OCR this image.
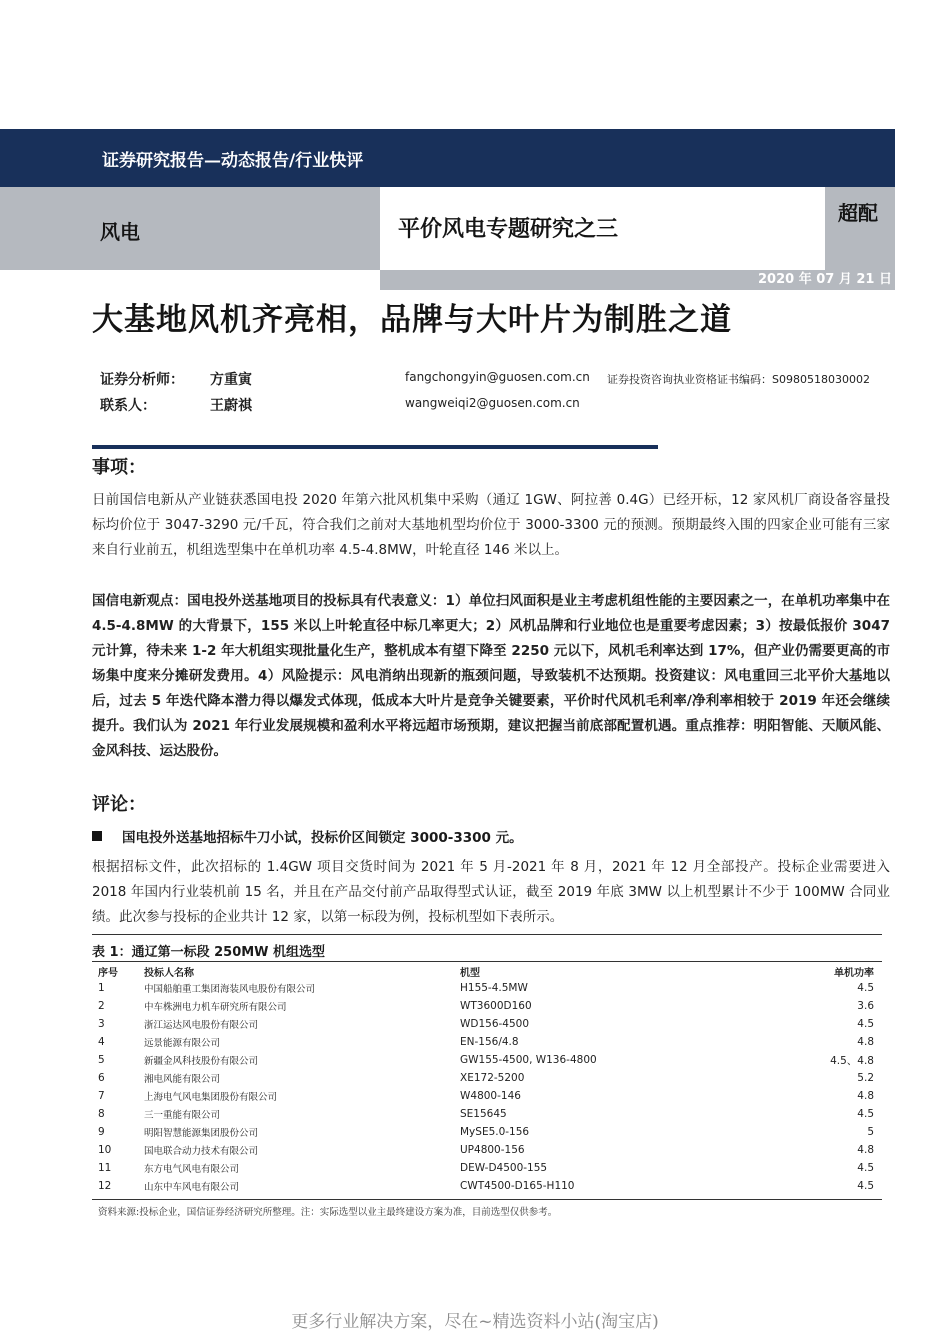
证券研究报告—动态报告/行业快评
风电	平价风电专题研究之三
超配
2020 年 07 月 21 日
大基地风机齐亮相，品牌与大叶片为制胜之道
证券分析师： 方重寅	fangchongyin@guosen.com.cn 证券投资咨询执业资格证书编码：S0980518030002
联系人：	王蔚祺	wangweiqi2@guosen.com.cn
事项：
日前国信电新从产业链获悉国电投 2020 年第六批风机集中采购（通辽 1GW、阿拉善 0.4G）已经开标，12 家风机厂商设备容量投标均价位于 3047-3290 元/千瓦，符合我们之前对大基地机型均价位于 3000-3300 元的预测。预期最终入围的四家企业可能有三家来自行业前五，机组选型集中在单机功率 4.5-4.8MW，叶轮直径 146 米以上。
国信电新观点：国电投外送基地项目的投标具有代表意义：1）单位扫风面积是业主考虑机组性能的主要因素之一，在单机功率集中在 4.5-4.8MW 的大背景下，155 米以上叶轮直径中标几率更大；2）风机品牌和行业地位也是重要考虑因素；3）按最低报价 3047 元计算，待未来 1-2 年大机组实现批量化生产，整机成本有望下降至 2250 元以下，风机毛利率达到 17%，但产业仍需要更高的市场集中度来分摊研发费用。4）风险提示：风电消纳出现新的瓶颈问题，导致装机不达预期。投资建议：风电重回三北平价大基地以后，过去 5 年迭代降本潜力得以爆发式体现，低成本大叶片是竞争关键要素，平价时代风机毛利率/净利率相较于 2019 年还会继续提升。我们认为 2021 年行业发展规模和盈利水平将远超市场预期，建议把握当前底部配置机遇。重点推荐：明阳智能、天顺风能、金风科技、运达股份。
评论：
国电投外送基地招标牛刀小试，投标价区间锁定 3000-3300 元。
根据招标文件，此次招标的 1.4GW 项目交货时间为 2021 年 5 月-2021 年 8 月，2021 年 12 月全部投产。投标企业需要进入 2018 年国内行业装机前 15 名，并且在产品交付前产品取得型式认证，截至 2019 年底 3MW 以上机型累计不少于 100MW 合同业绩。此次参与投标的企业共计 12 家，以第一标段为例，投标机型如下表所示。
表 1：通辽第一标段 250MW 机组选型
序号	投标人名称	机型	单机功率
1	中国船舶重工集团海装风电股份有限公司	H155-4.5MW	4.5
2	中车株洲电力机车研究所有限公司	WT3600D160	3.6
3	浙江运达风电股份有限公司	WD156-4500	4.5
4	远景能源有限公司	EN-156/4.8	4.8
5	新疆金风科技股份有限公司	GW155-4500, W136-4800	4.5、4.8
6	湘电风能有限公司	XE172-5200	5.2
7	上海电气风电集团股份有限公司	W4800-146	4.8
8	三一重能有限公司	SE15645	4.5
9	明阳智慧能源集团股份公司	MySE5.0-156	5
10	国电联合动力技术有限公司	UP4800-156	4.8
11	东方电气风电有限公司	DEW-D4500-155	4.5
12	山东中车风电有限公司	CWT4500-D165-H110	4.5
资料来源:投标企业，国信证券经济研究所整理。注：实际选型以业主最终建设方案为准，目前选型仅供参考。
更多行业解决方案，尽在~精选资料小站(淘宝店)
